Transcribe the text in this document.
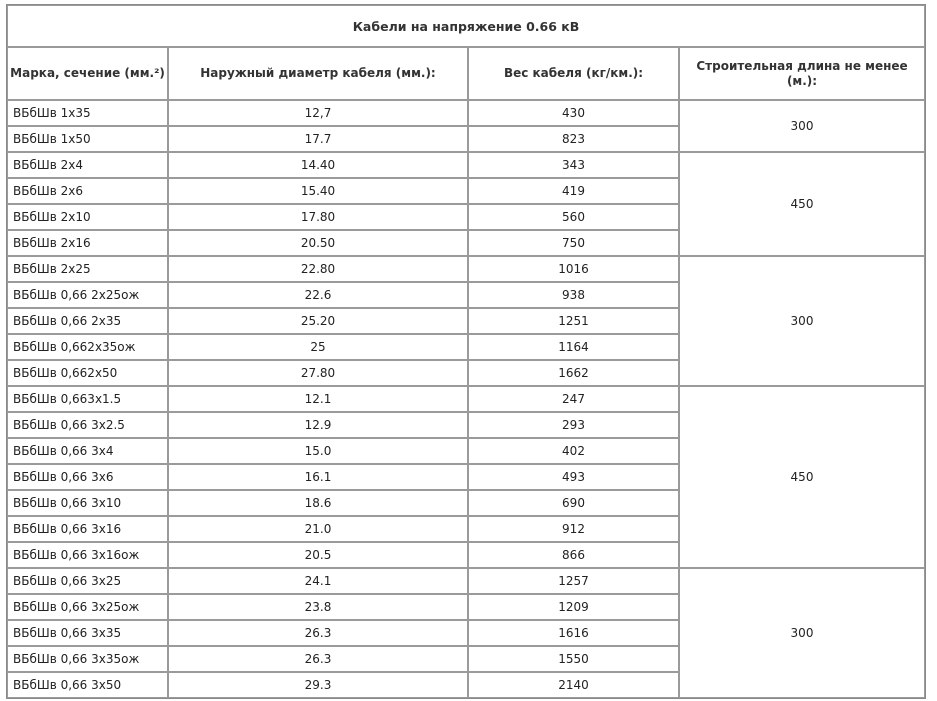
Кабели на напряжение 0.66 кВ			
Марка, сечение (мм.²)	Наружный диаметр кабеля (мм.):	Вес кабеля (кг/км.):	Строительная длина не менее (м.):
ВБбШв 1х35	12,7	430	300
ВБбШв 1х50	17.7	823	
ВБбШв 2х4	14.40	343	450
ВБбШв 2х6	15.40	419	
ВБбШв 2х10	17.80	560	
ВБбШв 2х16	20.50	750	
ВБбШв 2х25	22.80	1016	300
ВБбШв 0,66 2х25ож	22.6	938	
ВБбШв 0,66 2х35	25.20	1251	
ВБбШв 0,662х35ож	25	1164	
ВБбШв 0,662х50	27.80	1662	
ВБбШв 0,663х1.5	12.1	247	450
ВБбШв 0,66 3х2.5	12.9	293	
ВБбШв 0,66 3х4	15.0	402	
ВБбШв 0,66 3х6	16.1	493	
ВБбШв 0,66 3х10	18.6	690	
ВБбШв 0,66 3х16	21.0	912	
ВБбШв 0,66 3х16ож	20.5	866	
ВБбШв 0,66 3х25	24.1	1257	300
ВБбШв 0,66 3х25ож	23.8	1209	
ВБбШв 0,66 3х35	26.3	1616	
ВБбШв 0,66 3х35ож	26.3	1550	
ВБбШв 0,66 3х50	29.3	2140	
